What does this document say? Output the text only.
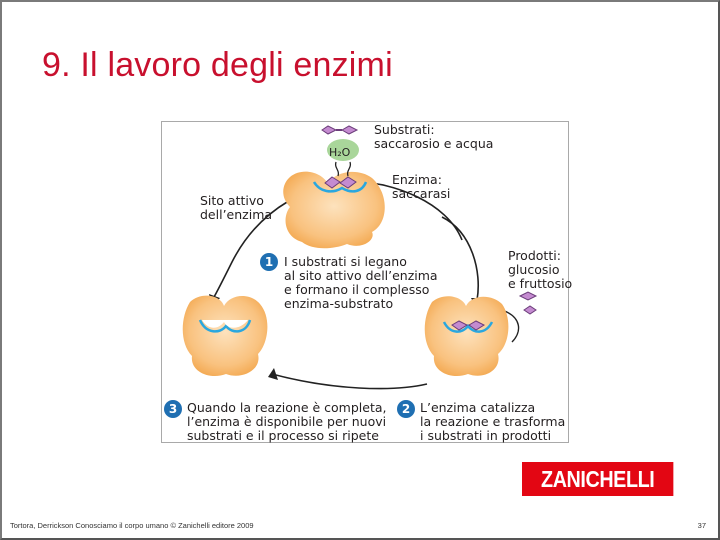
9. Il lavoro degli enzimi
H₂O
Substrati:
saccarosio e acqua
Enzima:
saccarasi
Sito attivo
dell’enzima
Prodotti:
glucosio
e fruttosio
1 I substrati si legano
al sito attivo dell’enzima
e formano il complesso
enzima-substrato
2 L’enzima catalizza
la reazione e trasforma
i substrati in prodotti
3 Quando la reazione è completa,
l’enzima è disponibile per nuovi
substrati e il processo si ripete
ZANICHELLI
Tortora, Derrickson Conosciamo il corpo umano © Zanichelli editore 2009	37
